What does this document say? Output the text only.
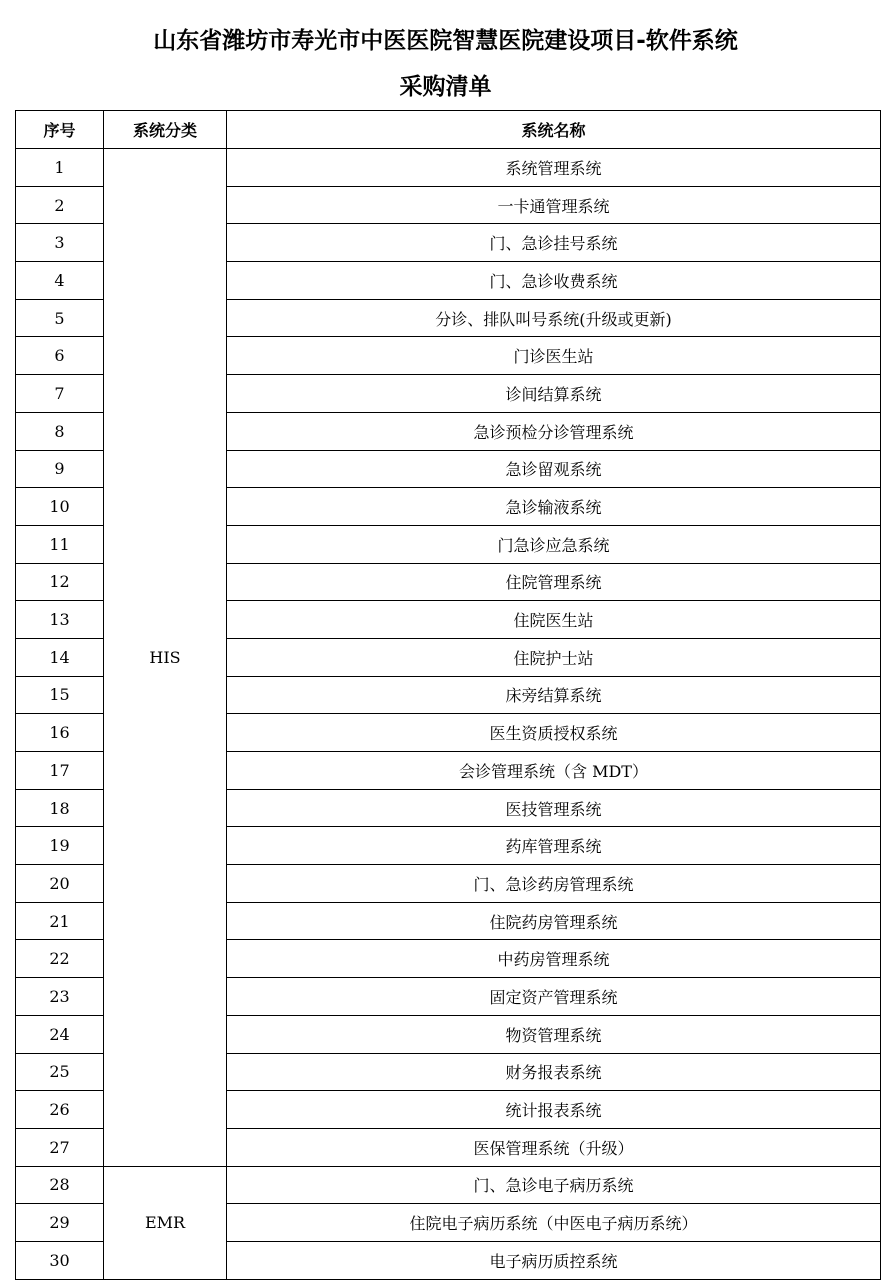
山东省潍坊市寿光市中医医院智慧医院建设项目-软件系统
采购清单
序号	系统分类	系统名称
1	HIS	系统管理系统
2		一卡通管理系统
3		门、急诊挂号系统
4		门、急诊收费系统
5		分诊、排队叫号系统(升级或更新)
6		门诊医生站
7		诊间结算系统
8		急诊预检分诊管理系统
9		急诊留观系统
10		急诊输液系统
11		门急诊应急系统
12		住院管理系统
13		住院医生站
14		住院护士站
15		床旁结算系统
16		医生资质授权系统
17		会诊管理系统（含 MDT）
18		医技管理系统
19		药库管理系统
20		门、急诊药房管理系统
21		住院药房管理系统
22		中药房管理系统
23		固定资产管理系统
24		物资管理系统
25		财务报表系统
26		统计报表系统
27		医保管理系统（升级）
28	EMR	门、急诊电子病历系统
29		住院电子病历系统（中医电子病历系统）
30		电子病历质控系统
